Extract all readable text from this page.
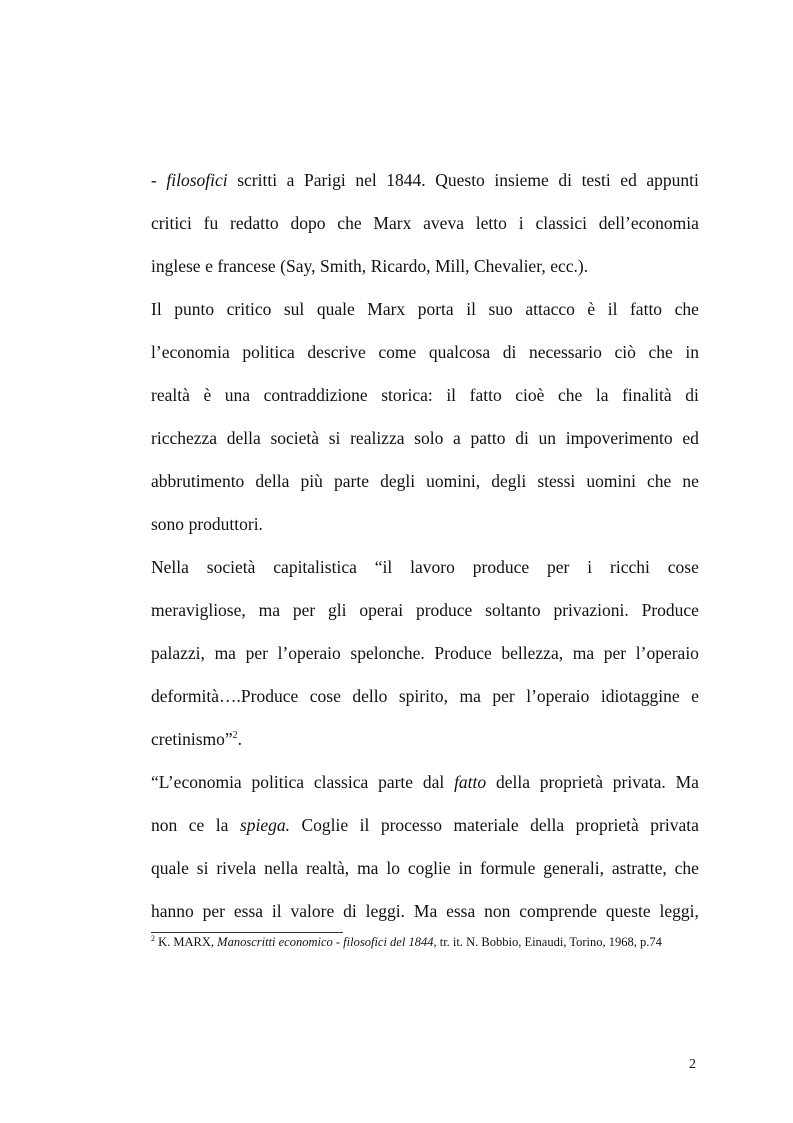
- filosofici scritti a Parigi nel 1844. Questo insieme di testi ed appunti
critici fu redatto dopo che Marx aveva letto i classici dell’economia
inglese e francese (Say, Smith, Ricardo, Mill, Chevalier, ecc.).
Il punto critico sul quale Marx porta il suo attacco è il fatto che
l’economia politica descrive come qualcosa di necessario ciò che in
realtà è una contraddizione storica: il fatto cioè che la finalità di
ricchezza della società si realizza solo a patto di un impoverimento ed
abbrutimento della più parte degli uomini, degli stessi uomini che ne
sono produttori.
Nella società capitalistica “il lavoro produce per i ricchi cose
meravigliose, ma per gli operai produce soltanto privazioni. Produce
palazzi, ma per l’operaio spelonche. Produce bellezza, ma per l’operaio
deformità….Produce cose dello spirito, ma per l’operaio idiotaggine e
cretinismo”$^2$.
“L’economia politica classica parte dal fatto della proprietà privata. Ma
non ce la spiega. Coglie il processo materiale della proprietà privata
quale si rivela nella realtà, ma lo coglie in formule generali, astratte, che
hanno per essa il valore di leggi. Ma essa non comprende queste leggi,
$^2$ K. MARX, Manoscritti economico - filosofici del 1844, tr. it. N. Bobbio, Einaudi, Torino, 1968, p.74
2
